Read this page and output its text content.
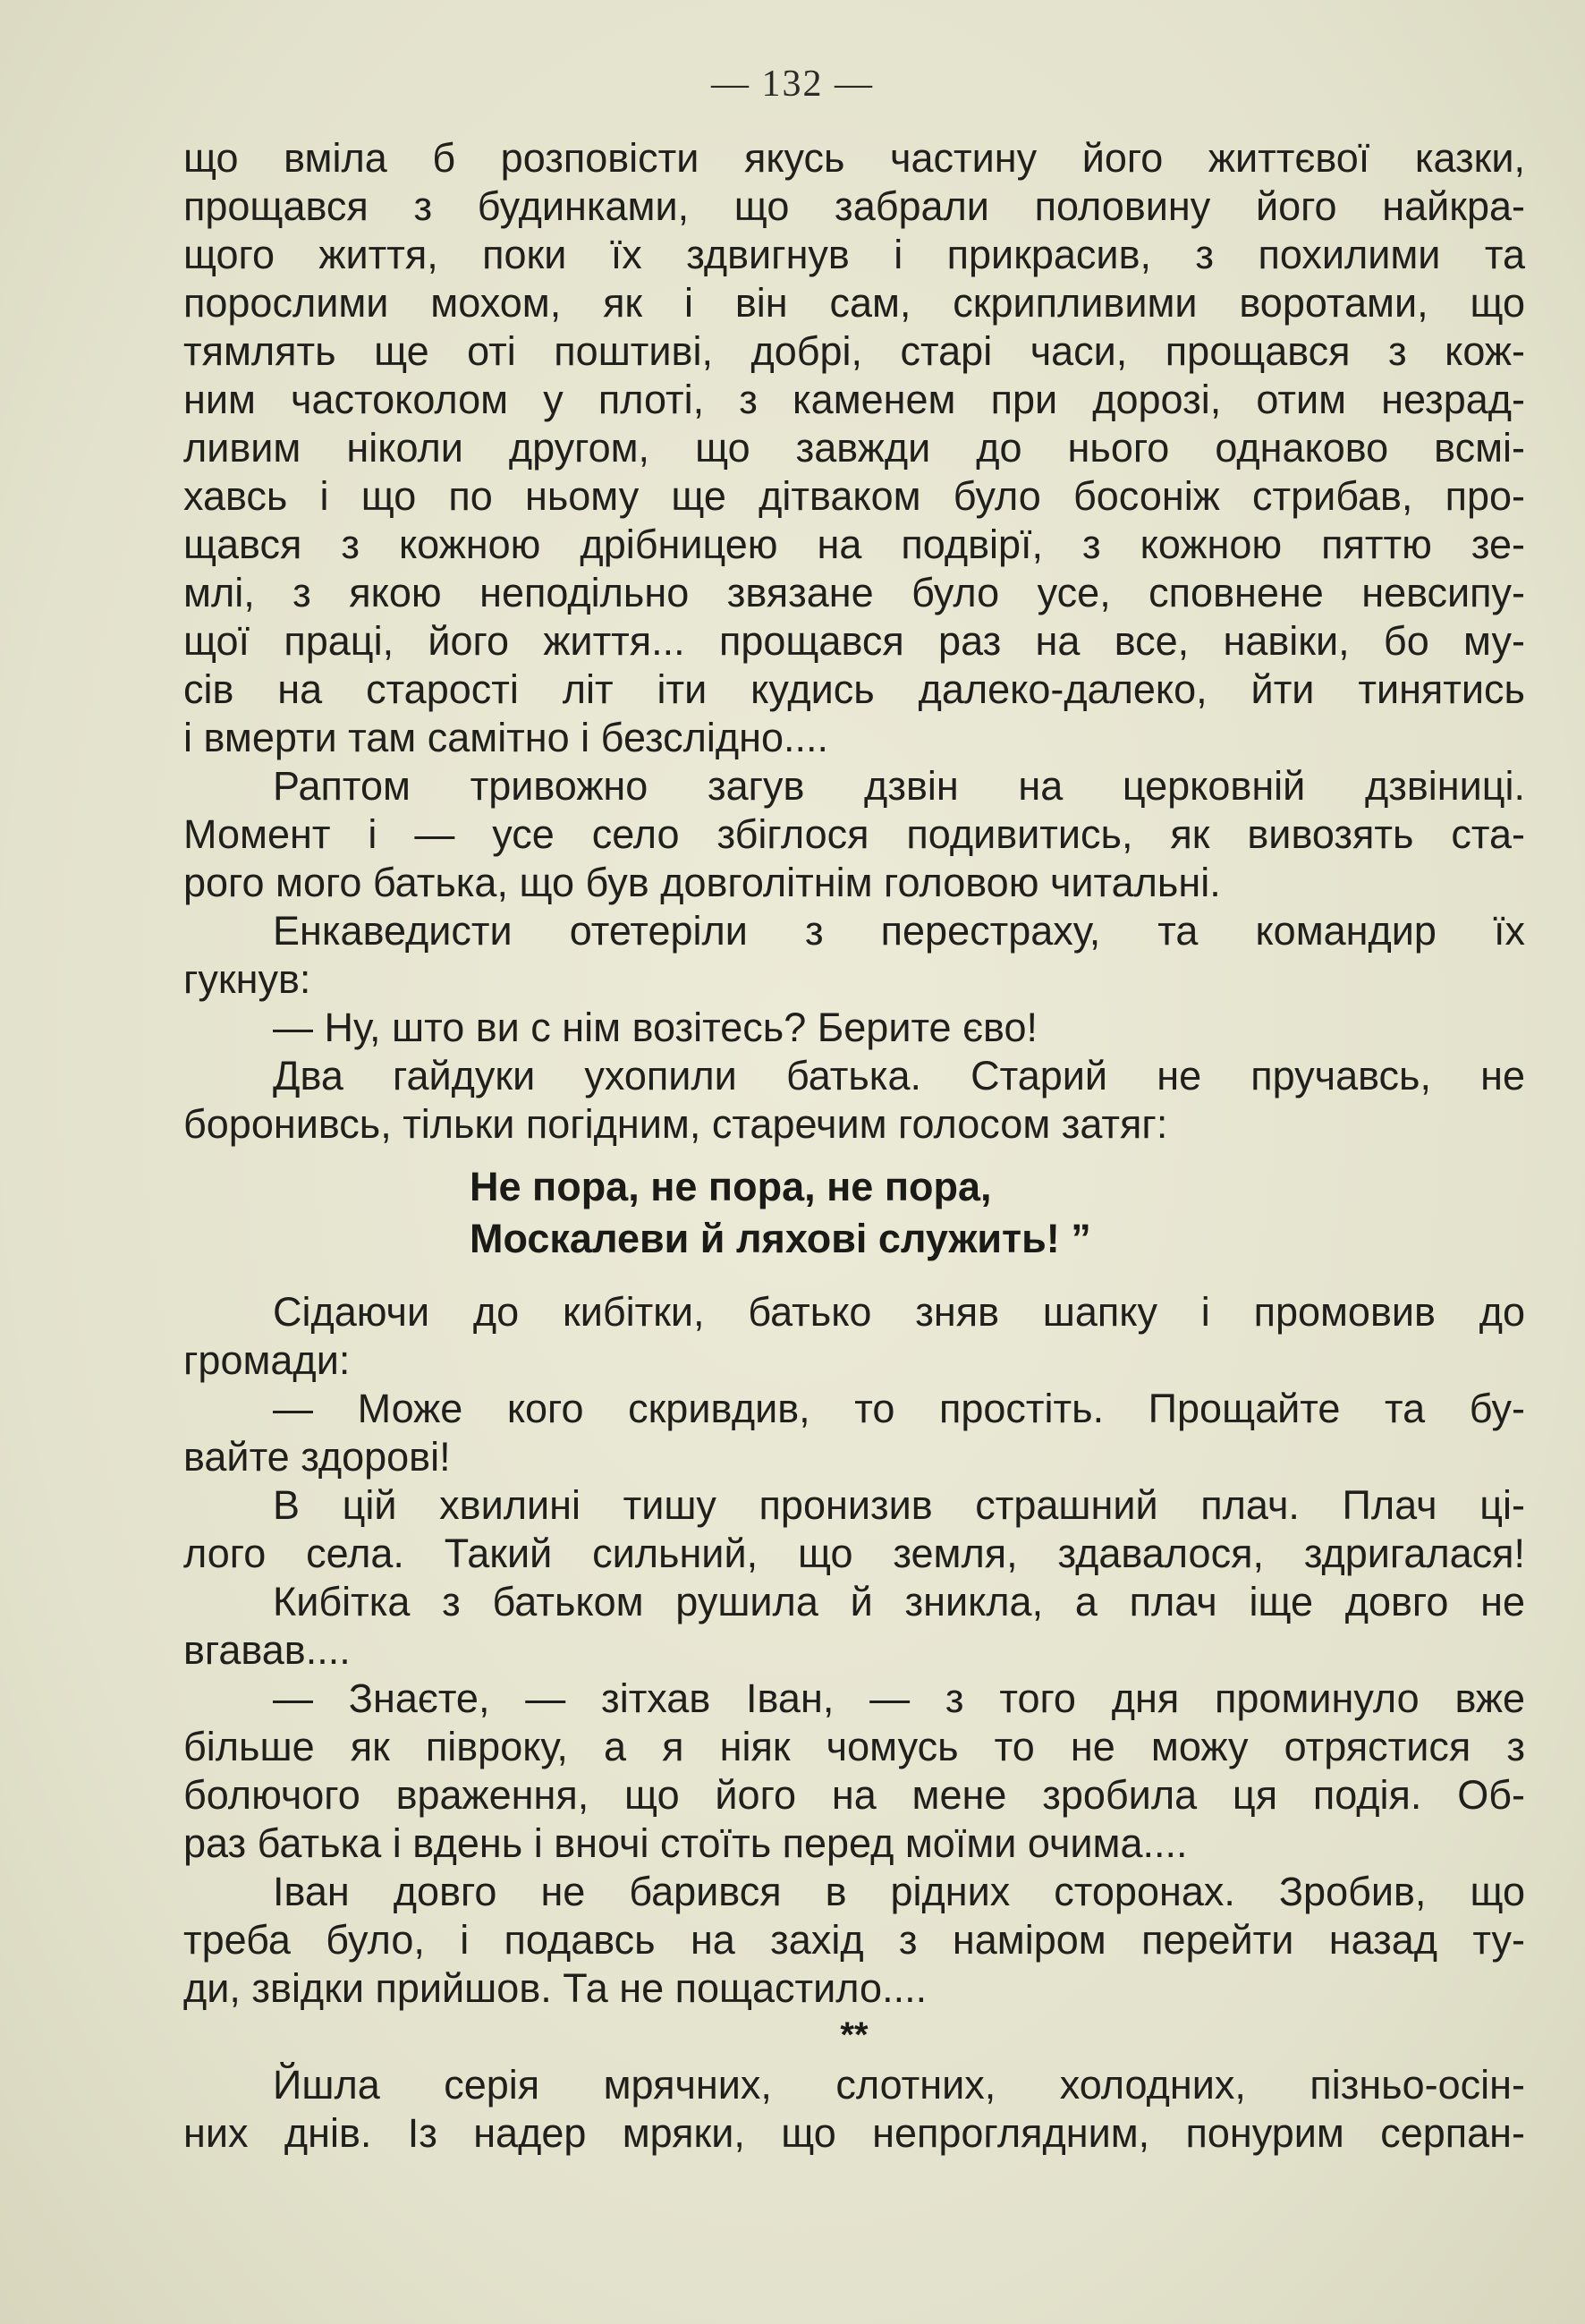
— 132 —
що вміла б розповісти якусь частину його життєвої казки,
прощався з будинками, що забрали половину його найкра-
щого життя, поки їх здвигнув і прикрасив, з похилими та
порослими мохом, як і він сам, скрипливими воротами, що
тямлять ще оті поштиві, добрі, старі часи, прощався з кож-
ним частоколом у плоті, з каменем при дорозі, отим незрад-
ливим ніколи другом, що завжди до нього однаково всмі-
хавсь і що по ньому ще дітваком було босоніж стрибав, про-
щався з кожною дрібницею на подвірї, з кожною пяттю зе-
млі, з якою неподільно звязане було усе, сповнене невсипу-
щої праці, його життя... прощався раз на все, навіки, бо му-
сів на старості літ іти кудись далеко-далеко, йти тинятись
і вмерти там самітно і безслідно....
Раптом тривожно загув дзвін на церковній дзвіниці.
Момент і — усе село збіглося подивитись, як вивозять ста-
рого мого батька, що був довголітнім головою читальні.
Енкаведисти отетеріли з перестраху, та командир їх
гукнув:
— Ну, што ви с нім возітесь? Берите єво!
Два гайдуки ухопили батька. Старий не пручавсь, не
боронивсь, тільки погідним, старечим голосом затяг:
Не пора, не пора, не пора,
Москалеви й ляхові служить! ”
Сідаючи до кибітки, батько зняв шапку і промовив до
громади:
— Може кого скривдив, то простіть. Прощайте та бу-
вайте здорові!
В цій хвилині тишу пронизив страшний плач. Плач ці-
лого села. Такий сильний, що земля, здавалося, здригалася!
Кибітка з батьком рушила й зникла, а плач іще довго не
вгавав....
— Знаєте, — зітхав Іван, — з того дня проминуло вже
більше як півроку, а я ніяк чомусь то не можу отрястися з
болючого враження, що його на мене зробила ця подія. Об-
раз батька і вдень і вночі стоїть перед моїми очима....
Іван довго не барився в рідних сторонах. Зробив, що
треба було, і подавсь на захід з наміром перейти назад ту-
ди, звідки прийшов. Та не пощастило....
**
Йшла серія мрячних, слотних, холодних, пізньо-осін-
них днів. Із надер мряки, що непроглядним, понурим серпан-
